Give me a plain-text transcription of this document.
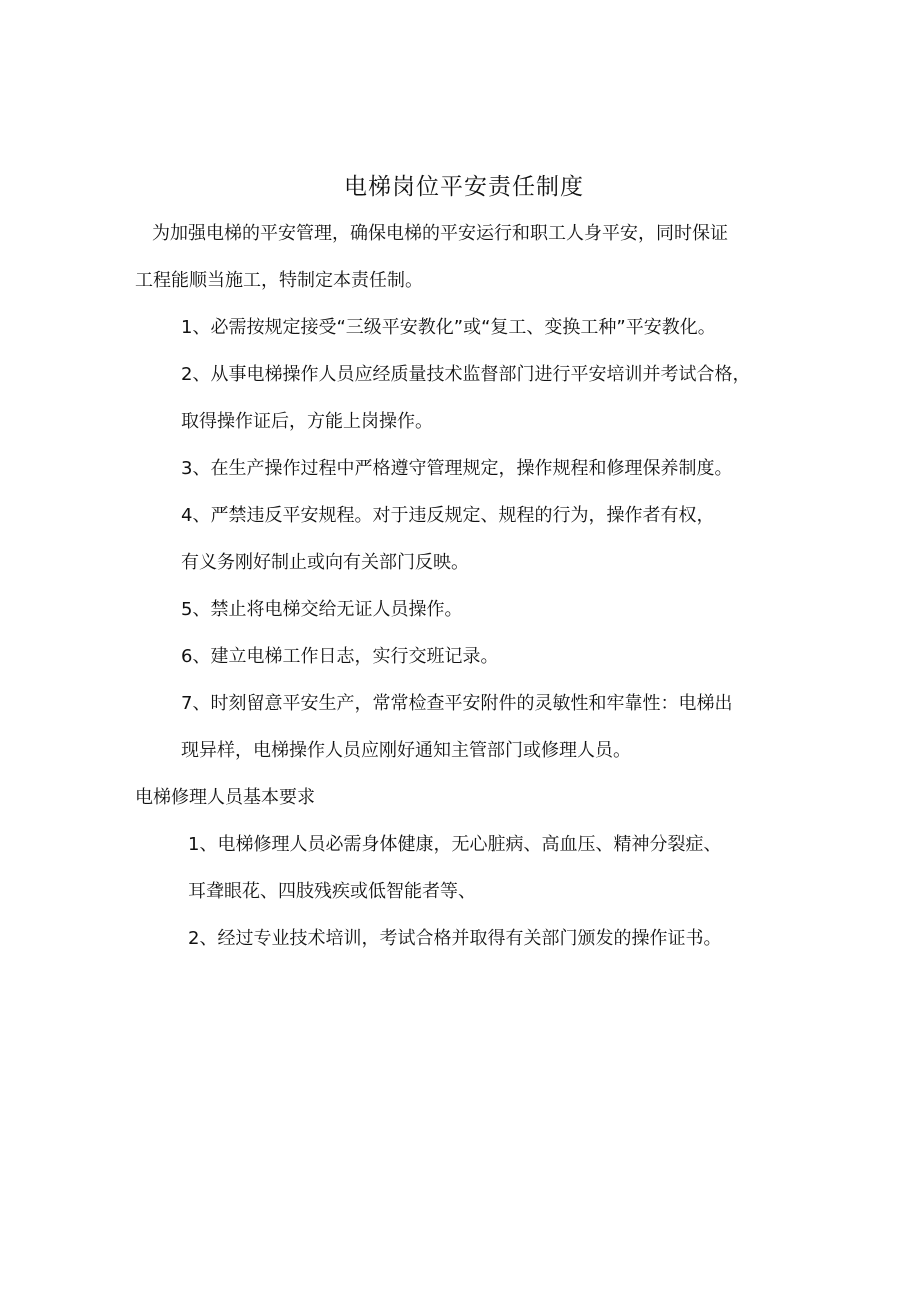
电梯岗位平安责任制度
为加强电梯的平安管理，确保电梯的平安运行和职工人身平安，同时保证
工程能顺当施工，特制定本责任制。
1、必需按规定接受“三级平安教化”或“复工、变换工种”平安教化。
2、从事电梯操作人员应经质量技术监督部门进行平安培训并考试合格，
取得操作证后，方能上岗操作。
3、在生产操作过程中严格遵守管理规定，操作规程和修理保养制度。
4、严禁违反平安规程。对于违反规定、规程的行为，操作者有权，
有义务刚好制止或向有关部门反映。
5、禁止将电梯交给无证人员操作。
6、建立电梯工作日志，实行交班记录。
7、时刻留意平安生产，常常检查平安附件的灵敏性和牢靠性：电梯出
现异样，电梯操作人员应刚好通知主管部门或修理人员。
电梯修理人员基本要求
1、电梯修理人员必需身体健康，无心脏病、高血压、精神分裂症、
耳聋眼花、四肢残疾或低智能者等、
2、经过专业技术培训，考试合格并取得有关部门颁发的操作证书。
